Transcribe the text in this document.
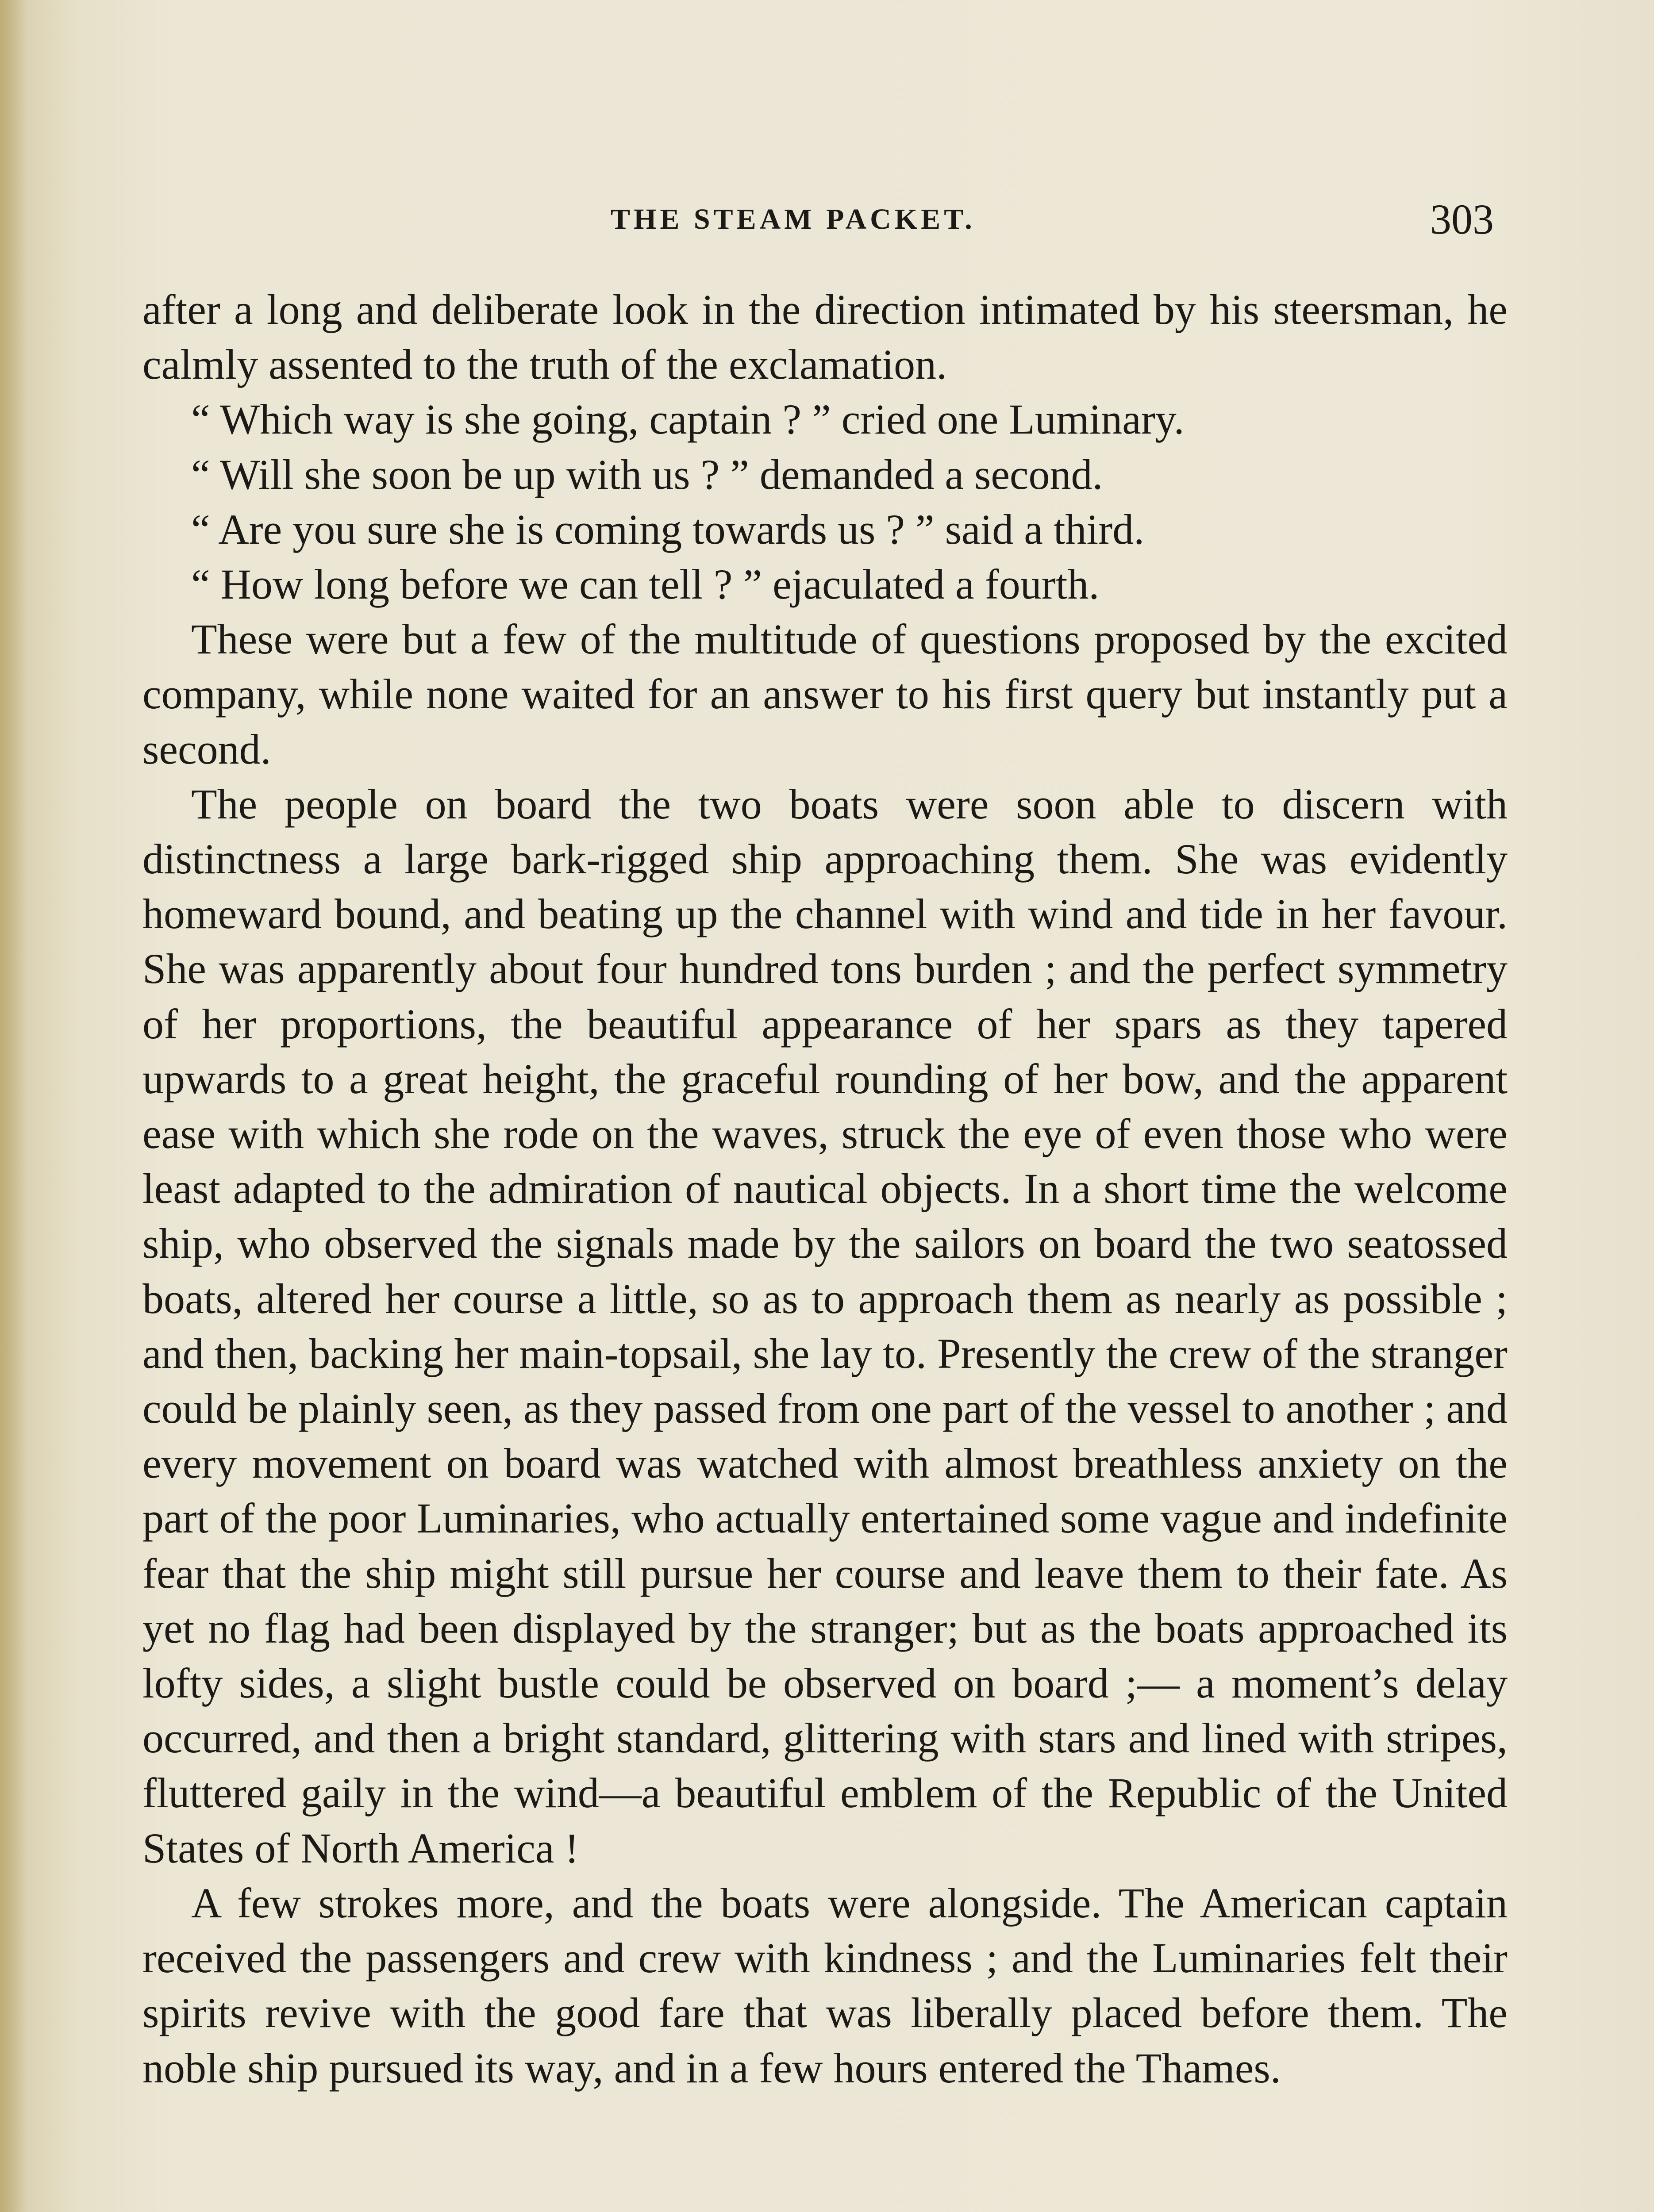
THE STEAM PACKET.	303

after a long and deliberate look in the direction intimated by his steersman, he calmly assented to the truth of the exclamation.

“ Which way is she going, captain ? ” cried one Luminary.

“ Will she soon be up with us ? ” demanded a second.

“ Are you sure she is coming towards us ? ” said a third.

“ How long before we can tell ? ” ejaculated a fourth.

These were but a few of the multitude of questions proposed by the excited company, while none waited for an answer to his first query but instantly put a second.

The people on board the two boats were soon able to discern with distinctness a large bark-rigged ship approaching them. She was evidently homeward bound, and beating up the channel with wind and tide in her favour. She was apparently about four hundred tons burden ; and the perfect symmetry of her proportions, the beautiful appearance of her spars as they tapered upwards to a great height, the graceful rounding of her bow, and the apparent ease with which she rode on the waves, struck the eye of even those who were least adapted to the admiration of nautical objects. In a short time the welcome ship, who observed the signals made by the sailors on board the two seatossed boats, altered her course a little, so as to approach them as nearly as possible ; and then, backing her main-topsail, she lay to. Presently the crew of the stranger could be plainly seen, as they passed from one part of the vessel to another ; and every movement on board was watched with almost breathless anxiety on the part of the poor Luminaries, who actually entertained some vague and indefinite fear that the ship might still pursue her course and leave them to their fate. As yet no flag had been displayed by the stranger; but as the boats approached its lofty sides, a slight bustle could be observed on board ;— a moment’s delay occurred, and then a bright standard, glittering with stars and lined with stripes, fluttered gaily in the wind—a beautiful emblem of the Republic of the United States of North America !

A few strokes more, and the boats were alongside. The American captain received the passengers and crew with kindness ; and the Luminaries felt their spirits revive with the good fare that was liberally placed before them. The noble ship pursued its way, and in a few hours entered the Thames.
